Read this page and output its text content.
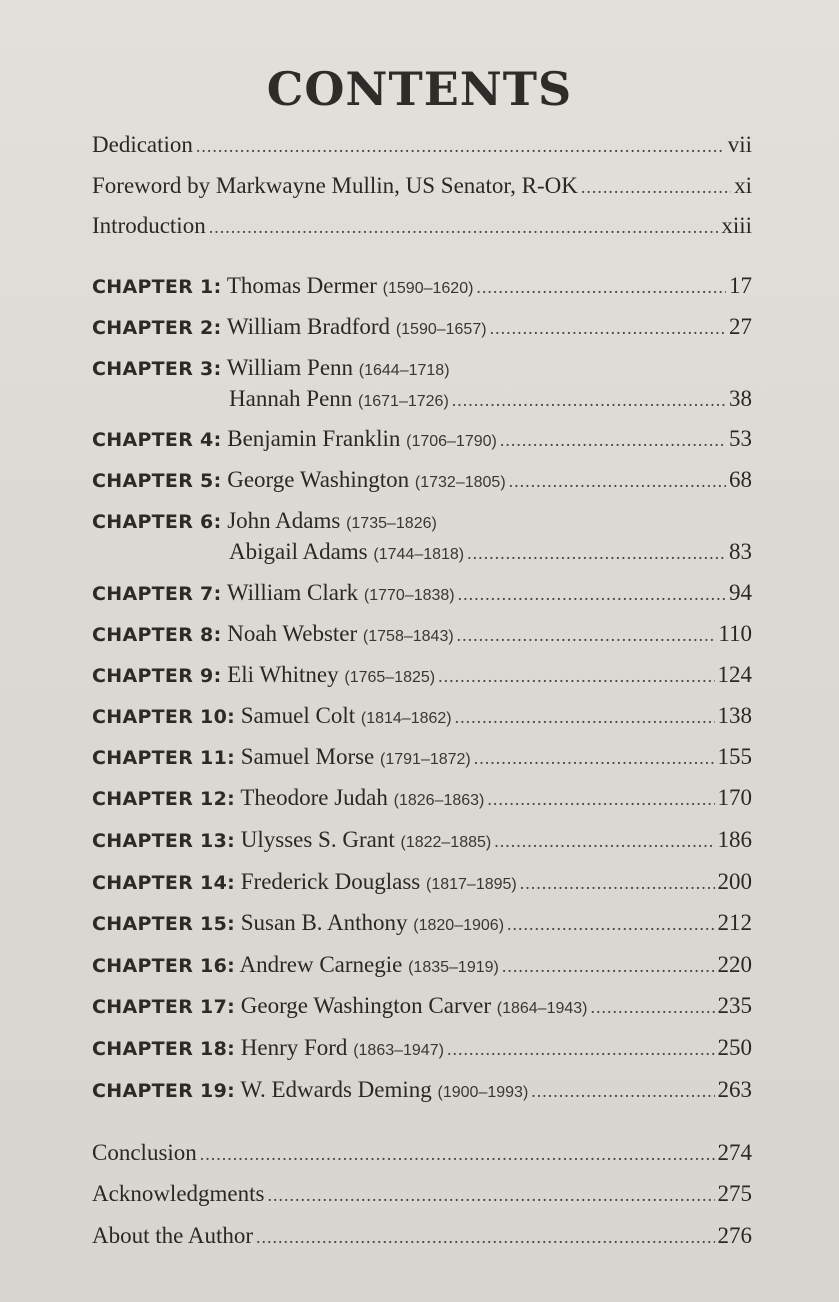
CONTENTS
Dedication .....	vii
Foreword by Markwayne Mullin, US Senator, R-OK .....	xi
Introduction .....	xiii
CHAPTER 1: Thomas Dermer (1590–1620) .....	17
CHAPTER 2: William Bradford (1590–1657) .....	27
CHAPTER 3: William Penn (1644–1718)
Hannah Penn (1671–1726) .....	38
CHAPTER 4: Benjamin Franklin (1706–1790) .....	53
CHAPTER 5: George Washington (1732–1805) .....	68
CHAPTER 6: John Adams (1735–1826)
Abigail Adams (1744–1818) .....	83
CHAPTER 7: William Clark (1770–1838) .....	94
CHAPTER 8: Noah Webster (1758–1843) .....	110
CHAPTER 9: Eli Whitney (1765–1825) .....	124
CHAPTER 10: Samuel Colt (1814–1862) .....	138
CHAPTER 11: Samuel Morse (1791–1872) .....	155
CHAPTER 12: Theodore Judah (1826–1863) .....	170
CHAPTER 13: Ulysses S. Grant (1822–1885) .....	186
CHAPTER 14: Frederick Douglass (1817–1895) .....	200
CHAPTER 15: Susan B. Anthony (1820–1906) .....	212
CHAPTER 16: Andrew Carnegie (1835–1919) .....	220
CHAPTER 17: George Washington Carver (1864–1943) .....	235
CHAPTER 18: Henry Ford (1863–1947) .....	250
CHAPTER 19: W. Edwards Deming (1900–1993) .....	263
Conclusion .....	274
Acknowledgments .....	275
About the Author .....	276
